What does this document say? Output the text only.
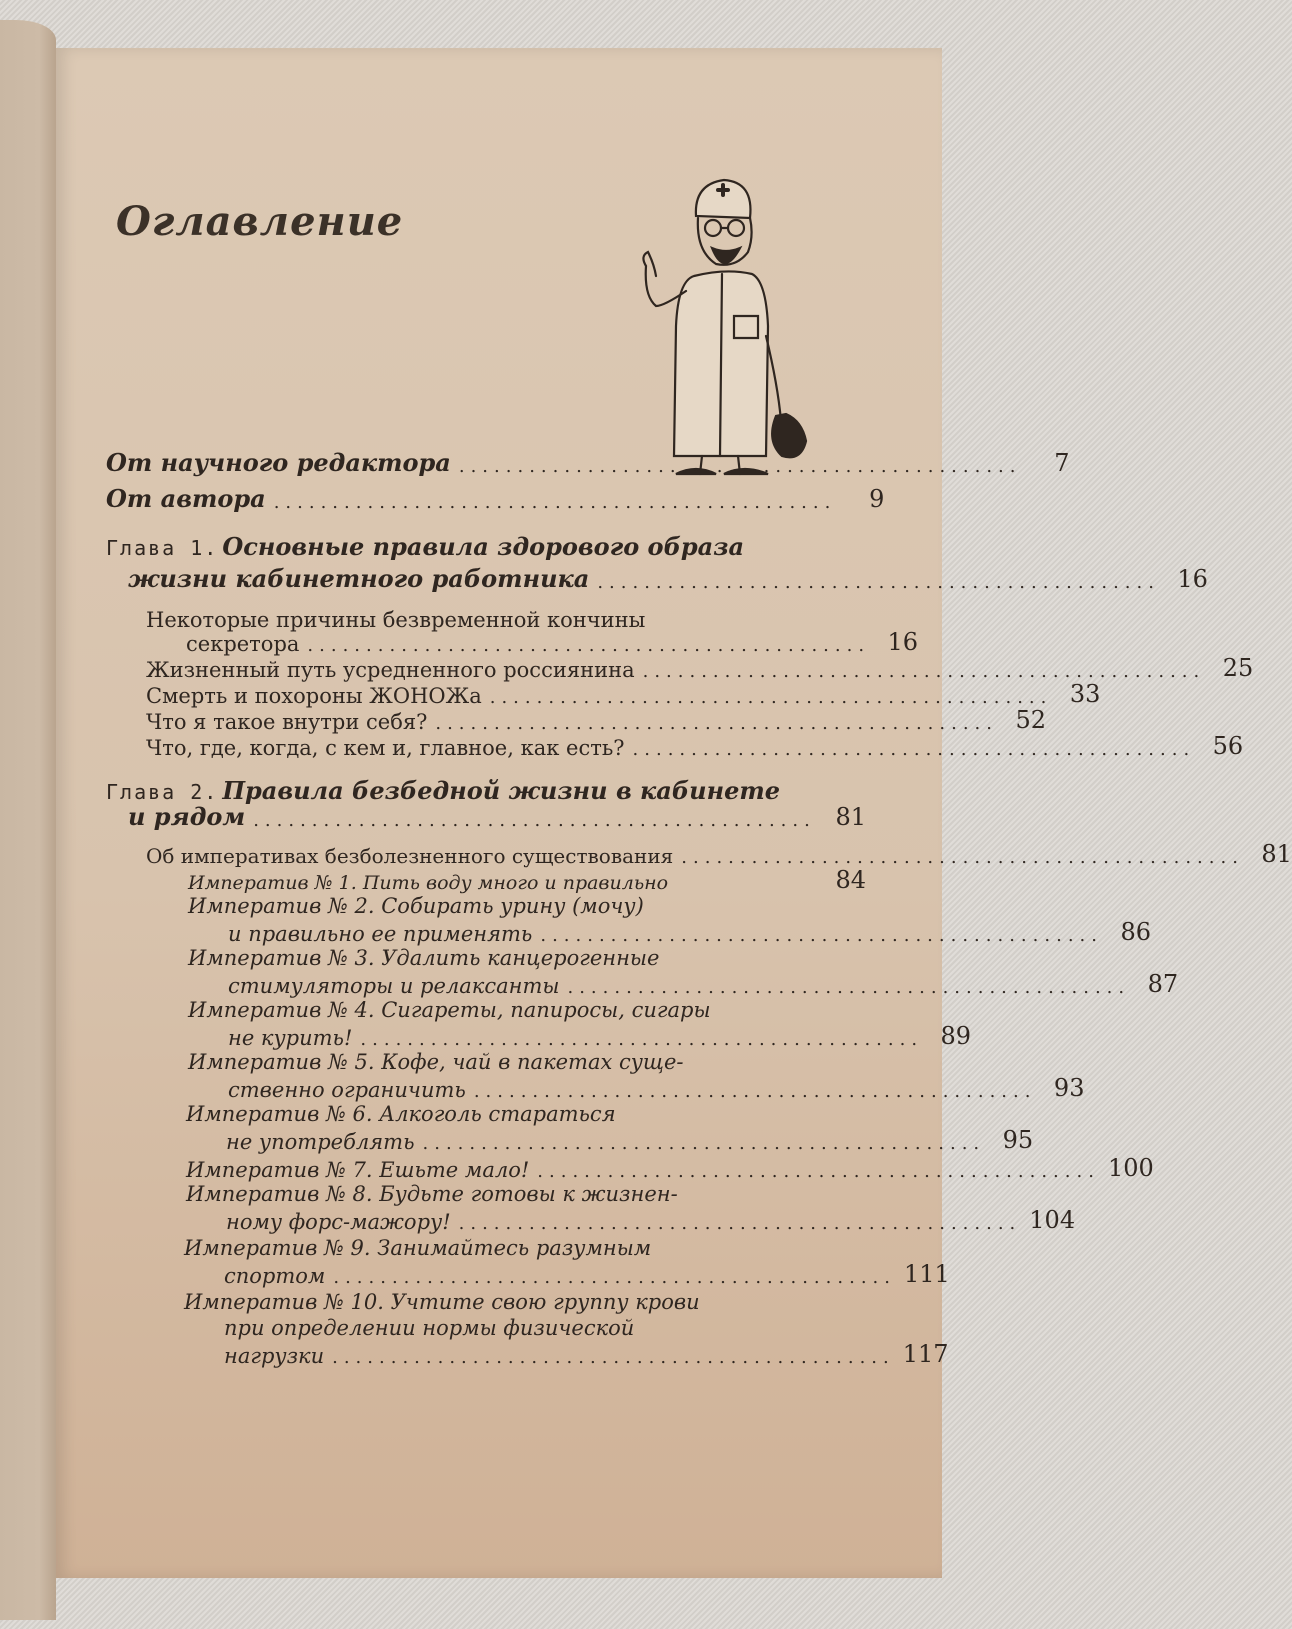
Оглавление
От научного редактора ................................................	7
От автора ................................................	9
Глава 1. Основные правила здорового образа
жизни кабинетного работника ................................................ 16
Некоторые причины безвременной кончины
секретора ................................................ 16
Жизненный путь усредненного россиянина ................................................ 25
Смерть и похороны ЖОНОЖа ................................................ 33
Что я такое внутри себя? ................................................ 52
Что, где, когда, с кем и, главное, как есть? ................................................ 56
Глава 2. Правила безбедной жизни в кабинете
и рядом ................................................ 81
Об императивах безболезненного существования ................................................ 81
Императив № 1. Пить воду много и правильно	84
Императив № 2. Собирать урину (мочу)
и правильно ее применять ................................................ 86
Императив № 3. Удалить канцерогенные
стимуляторы и релаксанты ................................................ 87
Императив № 4. Сигареты, папиросы, сигары
не курить! ................................................ 89
Императив № 5. Кофе, чай в пакетах суще-
ственно ограничить ................................................ 93
Императив № 6. Алкоголь стараться
не употреблять ................................................ 95
Императив № 7. Ешьте мало! ................................................ 100
Императив № 8. Будьте готовы к жизнен-
ному форс-мажору! ................................................ 104
Императив № 9. Занимайтесь разумным
спортом ................................................ 111
Императив № 10. Учтите свою группу крови
при определении нормы физической
нагрузки ................................................ 117
